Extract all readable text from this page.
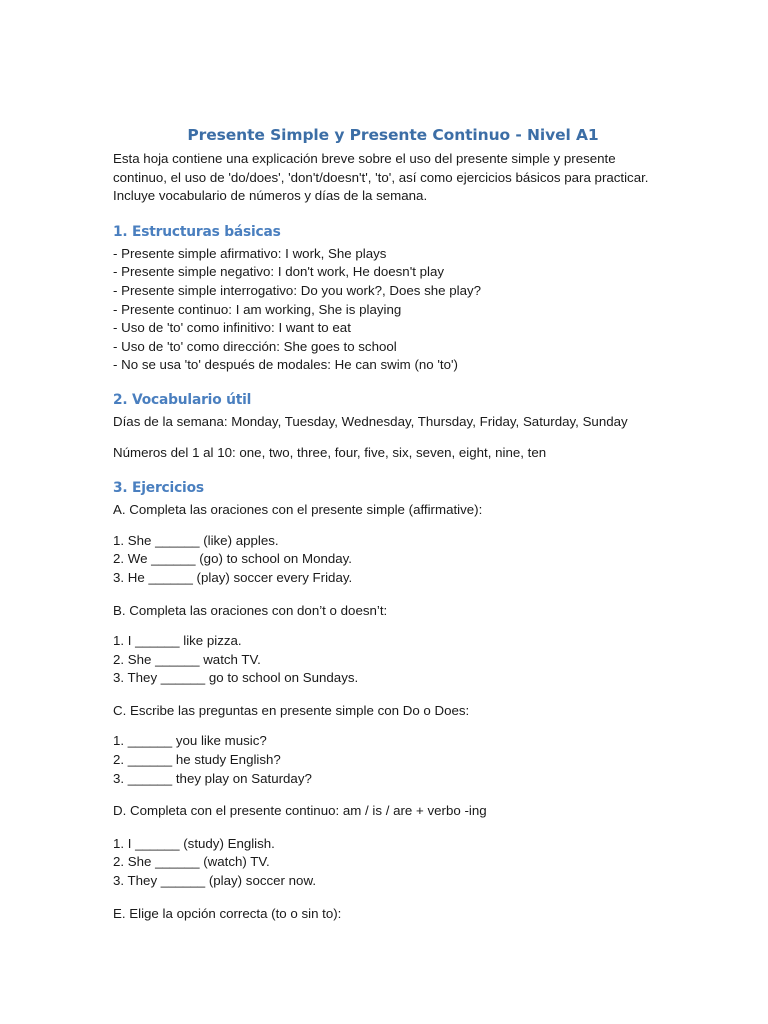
Presente Simple y Presente Continuo - Nivel A1

Esta hoja contiene una explicación breve sobre el uso del presente simple y presente continuo, el uso de 'do/does', 'don't/doesn't', 'to', así como ejercicios básicos para practicar. Incluye vocabulario de números y días de la semana.

1. Estructuras básicas
- Presente simple afirmativo: I work, She plays
- Presente simple negativo: I don't work, He doesn't play
- Presente simple interrogativo: Do you work?, Does she play?
- Presente continuo: I am working, She is playing
- Uso de 'to' como infinitivo: I want to eat
- Uso de 'to' como dirección: She goes to school
- No se usa 'to' después de modales: He can swim (no 'to')
2. Vocabulario útil

Días de la semana: Monday, Tuesday, Wednesday, Thursday, Friday, Saturday, Sunday

Números del 1 al 10: one, two, three, four, five, six, seven, eight, nine, ten

3. Ejercicios

A. Completa las oraciones con el presente simple (affirmative):

1. She ______ (like) apples.
2. We ______ (go) to school on Monday.
3. He ______ (play) soccer every Friday.

B. Completa las oraciones con don’t o doesn’t:

1. I ______ like pizza.
2. She ______ watch TV.
3. They ______ go to school on Sundays.

C. Escribe las preguntas en presente simple con Do o Does:

1. ______ you like music?
2. ______ he study English?
3. ______ they play on Saturday?

D. Completa con el presente continuo: am / is / are + verbo -ing

1. I ______ (study) English.
2. She ______ (watch) TV.
3. They ______ (play) soccer now.

E. Elige la opción correcta (to o sin to):
